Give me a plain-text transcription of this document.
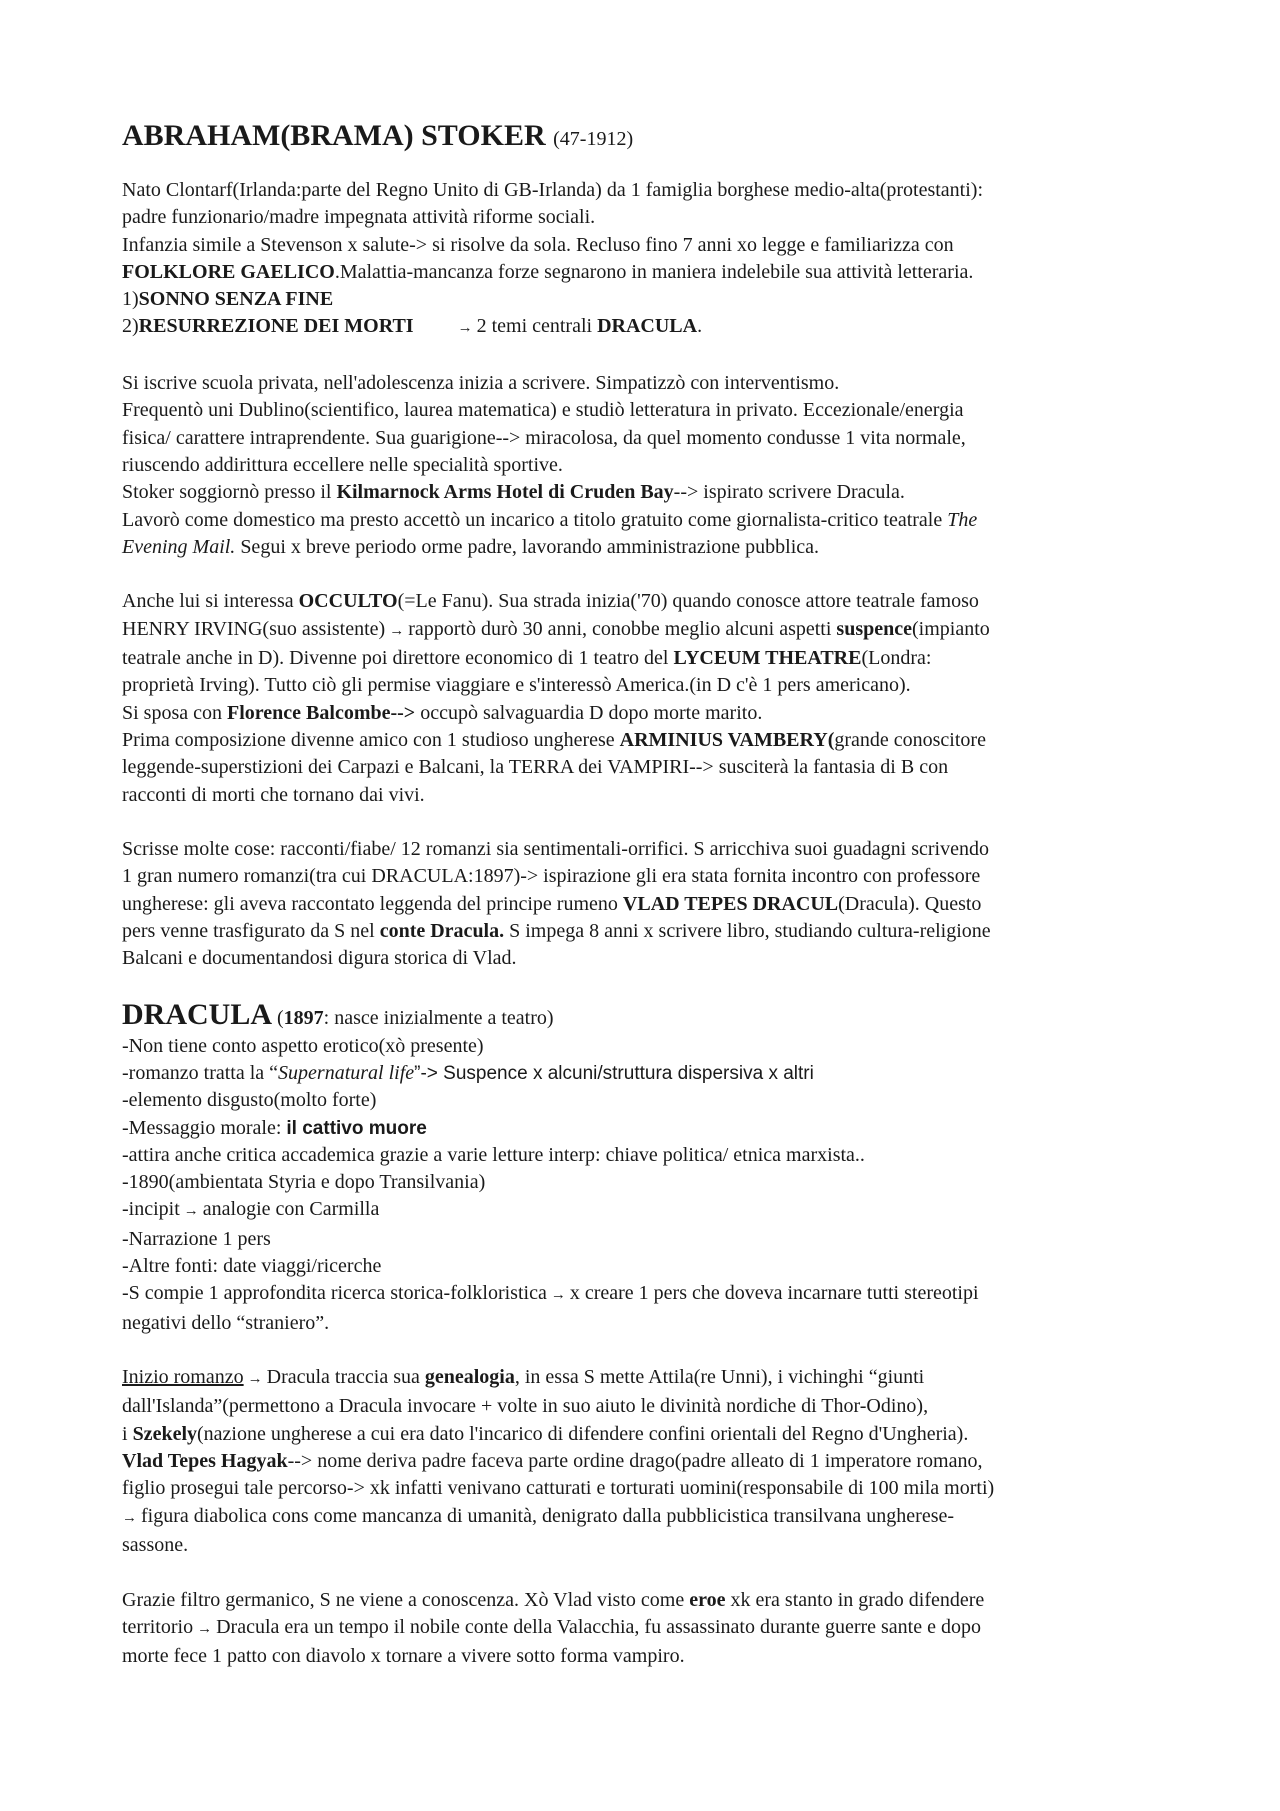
ABRAHAM(BRAMA) STOKER (47-1912)

Nato Clontarf(Irlanda:parte del Regno Unito di GB-Irlanda) da 1 famiglia borghese medio-alta(protestanti):

padre funzionario/madre impegnata attività riforme sociali.

Infanzia simile a Stevenson x salute-> si risolve da sola. Recluso fino 7 anni xo legge e familiarizza con

FOLKLORE GAELICO.Malattia-mancanza forze segnarono in maniera indelebile sua attività letteraria.

1)SONNO SENZA FINE

2)RESURREZIONE DEI MORTI	→ 2 temi centrali DRACULA.

Si iscrive scuola privata, nell'adolescenza inizia a scrivere. Simpatizzò con interventismo.

Frequentò uni Dublino(scientifico, laurea matematica) e studiò letteratura in privato. Eccezionale/energia

fisica/ carattere intraprendente. Sua guarigione--> miracolosa, da quel momento condusse 1 vita normale,

riuscendo addirittura eccellere nelle specialità sportive.

Stoker soggiornò presso il Kilmarnock Arms Hotel di Cruden Bay--> ispirato scrivere Dracula.

Lavorò come domestico ma presto accettò un incarico a titolo gratuito come giornalista-critico teatrale The

Evening Mail. Segui x breve periodo orme padre, lavorando amministrazione pubblica.

Anche lui si interessa OCCULTO(=Le Fanu). Sua strada inizia('70) quando conosce attore teatrale famoso

HENRY IRVING(suo assistente) → rapportò durò 30 anni, conobbe meglio alcuni aspetti suspence(impianto

teatrale anche in D). Divenne poi direttore economico di 1 teatro del LYCEUM THEATRE(Londra:

proprietà Irving). Tutto ciò gli permise viaggiare e s'interessò America.(in D c'è 1 pers americano).

Si sposa con Florence Balcombe--> occupò salvaguardia D dopo morte marito.

Prima composizione divenne amico con 1 studioso ungherese ARMINIUS VAMBERY(grande conoscitore

leggende-superstizioni dei Carpazi e Balcani, la TERRA dei VAMPIRI--> susciterà la fantasia di B con

racconti di morti che tornano dai vivi.

Scrisse molte cose: racconti/fiabe/ 12 romanzi sia sentimentali-orrifici. S arricchiva suoi guadagni scrivendo

1 gran numero romanzi(tra cui DRACULA:1897)-> ispirazione gli era stata fornita incontro con professore

ungherese: gli aveva raccontato leggenda del principe rumeno VLAD TEPES DRACUL(Dracula). Questo

pers venne trasfigurato da S nel conte Dracula. S impega 8 anni x scrivere libro, studiando cultura-religione

Balcani e documentandosi digura storica di Vlad.

DRACULA (1897: nasce inizialmente a teatro)

-Non tiene conto aspetto erotico(xò presente)

-romanzo tratta la “Supernatural life”-> Suspence x alcuni/struttura dispersiva x altri

-elemento disgusto(molto forte)

-Messaggio morale: il cattivo muore

-attira anche critica accademica grazie a varie letture interp: chiave politica/ etnica marxista..

-1890(ambientata Styria e dopo Transilvania)

-incipit → analogie con Carmilla

-Narrazione 1 pers

-Altre fonti: date viaggi/ricerche

-S compie 1 approfondita ricerca storica-folkloristica → x creare 1 pers che doveva incarnare tutti stereotipi

negativi dello “straniero”.

Inizio romanzo → Dracula traccia sua genealogia, in essa S mette Attila(re Unni), i vichinghi “giunti

dall'Islanda”(permettono a Dracula invocare + volte in suo aiuto le divinità nordiche di Thor-Odino),

i Szekely(nazione ungherese a cui era dato l'incarico di difendere confini orientali del Regno d'Ungheria).

Vlad Tepes Hagyak--> nome deriva padre faceva parte ordine drago(padre alleato di 1 imperatore romano,

figlio prosegui tale percorso-> xk infatti venivano catturati e torturati uomini(responsabile di 100 mila morti)

→ figura diabolica cons come mancanza di umanità, denigrato dalla pubblicistica transilvana ungherese-

sassone.

Grazie filtro germanico, S ne viene a conoscenza. Xò Vlad visto come eroe xk era stanto in grado difendere

territorio → Dracula era un tempo il nobile conte della Valacchia, fu assassinato durante guerre sante e dopo

morte fece 1 patto con diavolo x tornare a vivere sotto forma vampiro.
